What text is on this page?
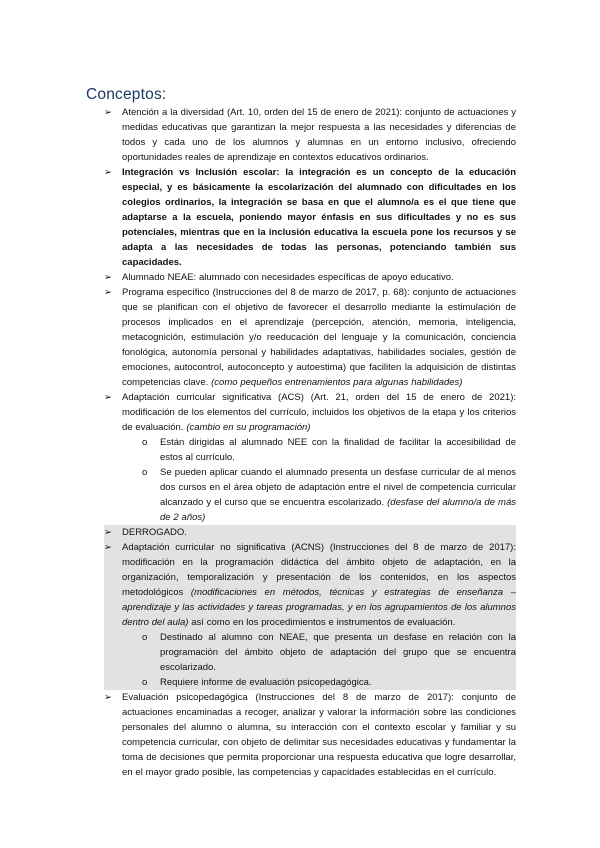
Conceptos:
➢ Atención a la diversidad (Art. 10, orden del 15 de enero de 2021): conjunto de actuaciones y medidas educativas que garantizan la mejor respuesta a las necesidades y diferencias de todos y cada uno de los alumnos y alumnas en un entorno inclusivo, ofreciendo oportunidades reales de aprendizaje en contextos educativos ordinarios.
➢ Integración vs Inclusión escolar: la integración es un concepto de la educación especial, y es básicamente la escolarización del alumnado con dificultades en los colegios ordinarios, la integración se basa en que el alumno/a es el que tiene que adaptarse a la escuela, poniendo mayor énfasis en sus dificultades y no es sus potenciales, mientras que en la inclusión educativa la escuela pone los recursos y se adapta a las necesidades de todas las personas, potenciando también sus capacidades.
➢ Alumnado NEAE: alumnado con necesidades específicas de apoyo educativo.
➢ Programa específico (Instrucciones del 8 de marzo de 2017, p. 68): conjunto de actuaciones que se planifican con el objetivo de favorecer el desarrollo mediante la estimulación de procesos implicados en el aprendizaje (percepción, atención, memoria, inteligencia, metacognición, estimulación y/o reeducación del lenguaje y la comunicación, conciencia fonológica, autonomía personal y habilidades adaptativas, habilidades sociales, gestión de emociones, autocontrol, autoconcepto y autoestima) que faciliten la adquisición de distintas competencias clave. (como pequeños entrenamientos para algunas habilidades)
➢ Adaptación curricular significativa (ACS) (Art. 21, orden del 15 de enero de 2021): modificación de los elementos del currículo, incluidos los objetivos de la etapa y los criterios de evaluación. (cambio en su programación)
o Están dirigidas al alumnado NEE con la finalidad de facilitar la accesibilidad de estos al currículo.
o Se pueden aplicar cuando el alumnado presenta un desfase curricular de al menos dos cursos en el área objeto de adaptación entre el nivel de competencia curricular alcanzado y el curso que se encuentra escolarizado. (desfase del alumno/a de más de 2 años)
➢ DERROGADO.
➢ Adaptación curricular no significativa (ACNS) (Instrucciones del 8 de marzo de 2017): modificación en la programación didáctica del ámbito objeto de adaptación, en la organización, temporalización y presentación de los contenidos, en los aspectos metodológicos (modificaciones en métodos, técnicas y estrategias de enseñanza – aprendizaje y las actividades y tareas programadas, y en los agrupamientos de los alumnos dentro del aula) así como en los procedimientos e instrumentos de evaluación.
o Destinado al alumno con NEAE, que presenta un desfase en relación con la programación del ámbito objeto de adaptación del grupo que se encuentra escolarizado.
o Requiere informe de evaluación psicopedagógica.
➢ Evaluación psicopedagógica (Instrucciones del 8 de marzo de 2017): conjunto de actuaciones encaminadas a recoger, analizar y valorar la información sobre las condiciones personales del alumno o alumna, su interacción con el contexto escolar y familiar y su competencia curricular, con objeto de delimitar sus necesidades educativas y fundamentar la toma de decisiones que permita proporcionar una respuesta educativa que logre desarrollar, en el mayor grado posible, las competencias y capacidades establecidas en el currículo.
